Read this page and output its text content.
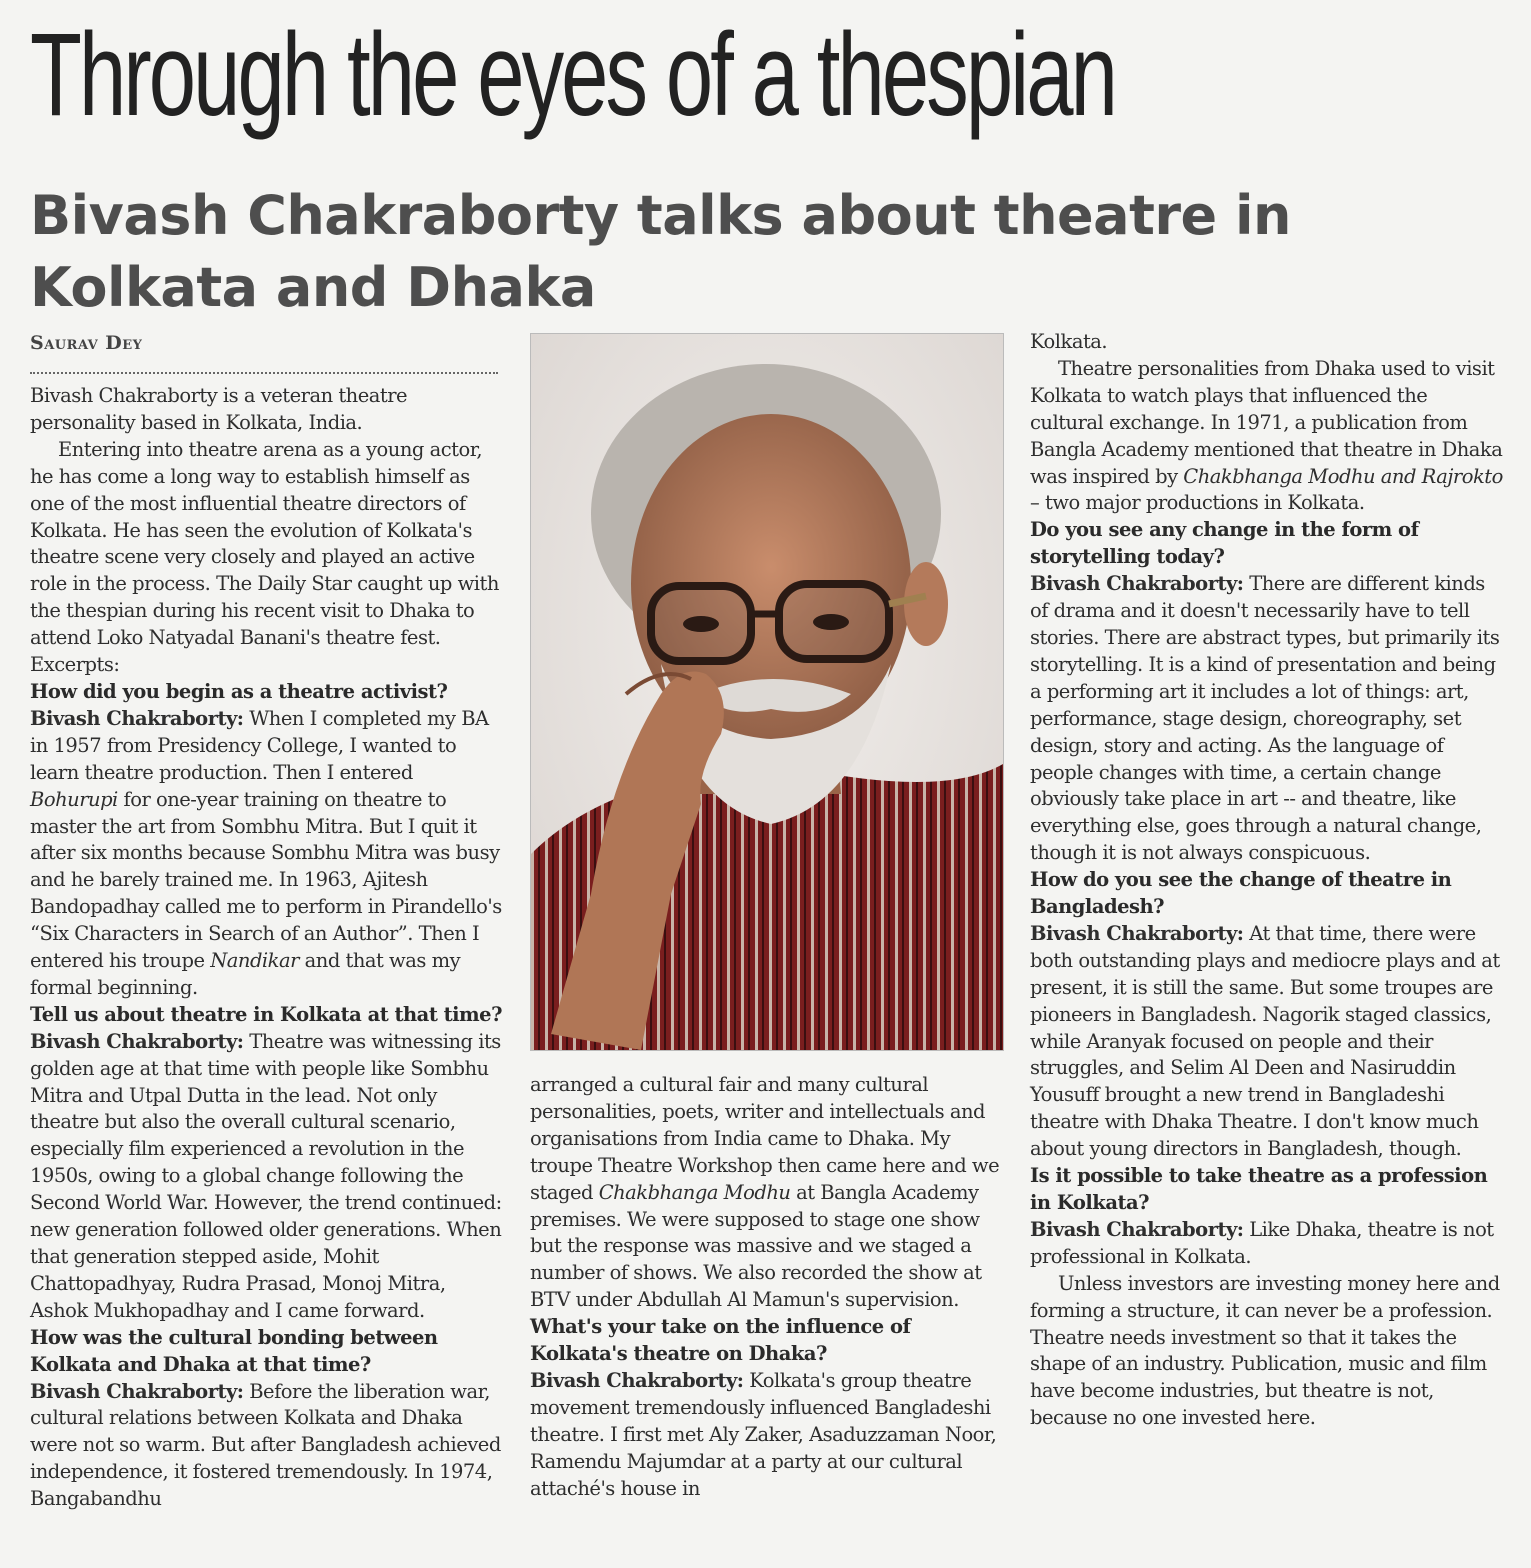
Through the eyes of a thespian
Bivash Chakraborty talks about theatre in Kolkata and Dhaka
Saurav Dey

Bivash Chakraborty is a veteran theatre personality based in Kolkata, India.

Entering into theatre arena as a young actor, he has come a long way to establish himself as one of the most influential theatre directors of Kolkata. He has seen the evolution of Kolkata's theatre scene very closely and played an active role in the process. The Daily Star caught up with the thespian during his recent visit to Dhaka to attend Loko Natyadal Banani's theatre fest. Excerpts:

How did you begin as a theatre activist?

Bivash Chakraborty: When I completed my BA in 1957 from Presidency College, I wanted to learn theatre production. Then I entered Bohurupi for one-year training on theatre to master the art from Sombhu Mitra. But I quit it after six months because Sombhu Mitra was busy and he barely trained me. In 1963, Ajitesh Bandopadhay called me to perform in Pirandello's “Six Characters in Search of an Author”. Then I entered his troupe Nandikar and that was my formal beginning.

Tell us about theatre in Kolkata at that time?

Bivash Chakraborty: Theatre was witnessing its golden age at that time with people like Sombhu Mitra and Utpal Dutta in the lead. Not only theatre but also the overall cultural scenario, especially film experienced a revolution in the 1950s, owing to a global change following the Second World War. However, the trend continued: new generation followed older generations. When that generation stepped aside, Mohit Chattopadhyay, Rudra Prasad, Monoj Mitra, Ashok Mukhopadhay and I came forward.

How was the cultural bonding between Kolkata and Dhaka at that time?

Bivash Chakraborty: Before the liberation war, cultural relations between Kolkata and Dhaka were not so warm. But after Bangladesh achieved independence, it fostered tremendously. In 1974, Bangabandhu

arranged a cultural fair and many cultural personalities, poets, writer and intellectuals and organisations from India came to Dhaka. My troupe Theatre Workshop then came here and we staged Chakbhanga Modhu at Bangla Academy premises. We were supposed to stage one show but the response was massive and we staged a number of shows. We also recorded the show at BTV under Abdullah Al Mamun's supervision.

What's your take on the influence of Kolkata's theatre on Dhaka?

Bivash Chakraborty: Kolkata's group theatre movement tremendously influenced Bangladeshi theatre. I first met Aly Zaker, Asaduzzaman Noor, Ramendu Majumdar at a party at our cultural attaché's house in

Kolkata.

Theatre personalities from Dhaka used to visit Kolkata to watch plays that influenced the cultural exchange. In 1971, a publication from Bangla Academy mentioned that theatre in Dhaka was inspired by Chakbhanga Modhu and Rajrokto – two major productions in Kolkata.

Do you see any change in the form of storytelling today?

Bivash Chakraborty: There are different kinds of drama and it doesn't necessarily have to tell stories. There are abstract types, but primarily its storytelling. It is a kind of presentation and being a performing art it includes a lot of things: art, performance, stage design, choreography, set design, story and acting. As the language of people changes with time, a certain change obviously take place in art -- and theatre, like everything else, goes through a natural change, though it is not always conspicuous.

How do you see the change of theatre in Bangladesh?

Bivash Chakraborty: At that time, there were both outstanding plays and mediocre plays and at present, it is still the same. But some troupes are pioneers in Bangladesh. Nagorik staged classics, while Aranyak focused on people and their struggles, and Selim Al Deen and Nasiruddin Yousuff brought a new trend in Bangladeshi theatre with Dhaka Theatre. I don't know much about young directors in Bangladesh, though.

Is it possible to take theatre as a profession in Kolkata?

Bivash Chakraborty: Like Dhaka, theatre is not professional in Kolkata.

Unless investors are investing money here and forming a structure, it can never be a profession. Theatre needs investment so that it takes the shape of an industry. Publication, music and film have become industries, but theatre is not, because no one invested here.
